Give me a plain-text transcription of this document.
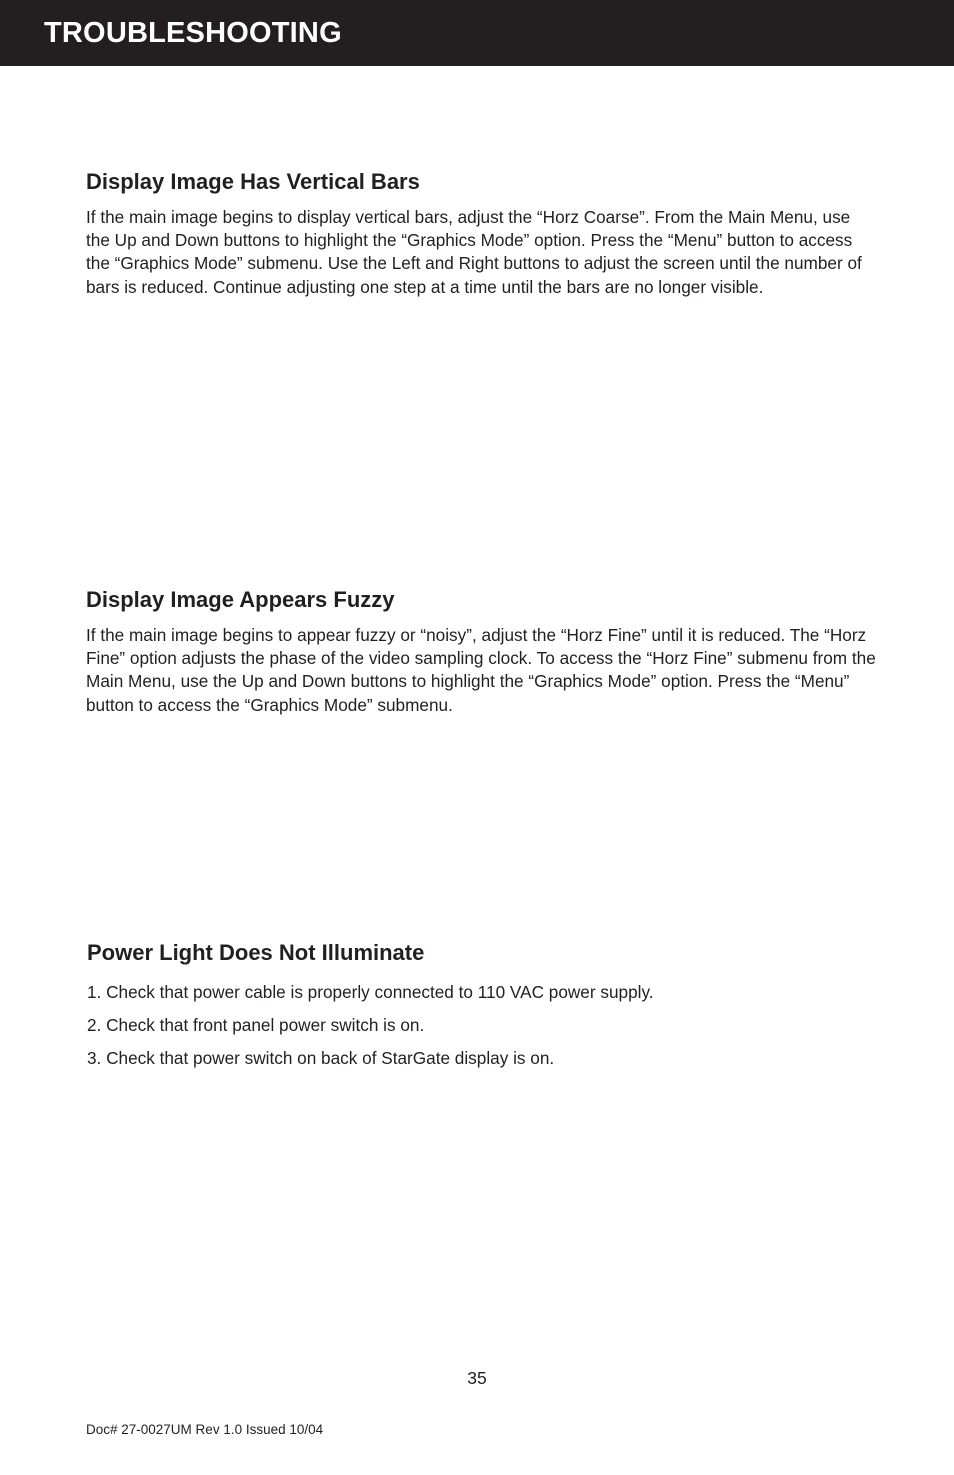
TROUBLESHOOTING
Display Image Has Vertical Bars

If the main image begins to display vertical bars, adjust the “Horz Coarse”. From the Main Menu, use the Up and Down buttons to highlight the “Graphics Mode” option. Press the “Menu” button to access the “Graphics Mode” submenu. Use the Left and Right buttons to adjust the screen until the number of bars is reduced. Continue adjusting one step at a time until the bars are no longer visible.

Display Image Appears Fuzzy

If the main image begins to appear fuzzy or “noisy”, adjust the “Horz Fine” until it is reduced. The “Horz Fine” option adjusts the phase of the video sampling clock. To access the “Horz Fine” submenu from the Main Menu, use the Up and Down buttons to highlight the “Graphics Mode” option. Press the “Menu” button to access the “Graphics Mode” submenu.

Power Light Does Not Illuminate
1. Check that power cable is properly connected to 110 VAC power supply.
2. Check that front panel power switch is on.
3. Check that power switch on back of StarGate display is on.
35
Doc# 27-0027UM Rev 1.0 Issued 10/04
